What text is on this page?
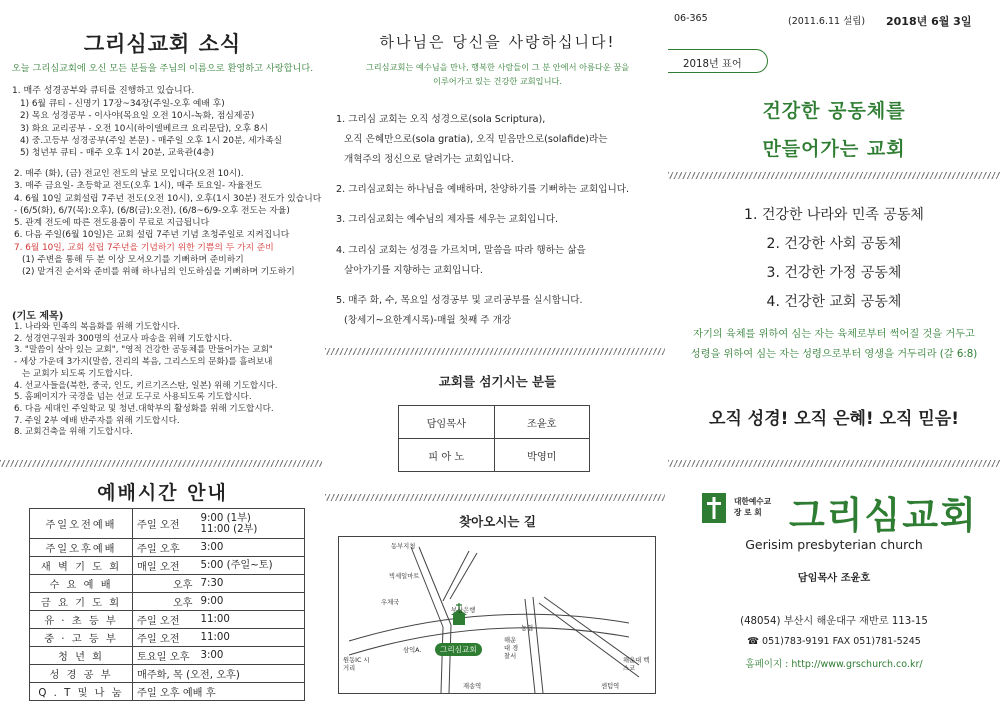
그리심교회 소식
오늘 그리심교회에 오신 모든 분들을 주님의 이름으로 환영하고 사랑합니다.
1. 매주 성경공부와 큐티를 진행하고 있습니다.
1) 6월 큐티 - 신명기 17장~34장(주일-오후 예배 후)
2) 목요 성경공부 - 이사야(목요일 오전 10시-녹화, 점심제공)
3) 화요 교리공부 - 오전 10시(하이델베르크 요리문답), 오후 8시
4) 중.고등부 성경공부(주일 본문) - 매주일 오후 1시 20분, 세가족실
5) 청년부 큐티 - 매주 오후 1시 20분, 교육관(4층)
2. 매주 (화), (금) 전교인 전도의 날로 모입니다(오전 10시).
3. 매주 금요일- 초등학교 전도(오후 1시), 매주 토요일- 자율전도
4. 6월 10일 교회설립 7주년 전도(오전 10시), 오후(1시 30분) 전도가 있습니다
- (6/5(화), 6/7(목):오후), (6/8(금):오전), (6/8~6/9-오후 전도는 자율)
5. 관계 전도에 따른 전도용품이 무료로 지급됩니다
6. 다음 주일(6월 10일)은 교회 설립 7주년 기념 초청주일로 지켜집니다
7. 6월 10일, 교회 설립 7주년을 기념하기 위한 기쁨의 두 가지 준비
(1) 주변을 통해 두 분 이상 모셔오기를 기뻐하며 준비하기
(2) 맡겨진 순서와 준비를 위해 하나님의 인도하심을 기뻐하며 기도하기
(기도 제목)
1. 나라와 민족의 복음화를 위해 기도합시다.
2. 성경연구원과 300명의 선교사 파송을 위해 기도합시다.
3. "말씀이 살아 있는 교회", "영적 건강한 공동체를 만들어가는 교회"
- 세상 가운데 3가지(말씀, 진리의 복음, 그리스도의 문화)를 흘려보내
는 교회가 되도록 기도합시다.
4. 선교사들을(북한, 중국, 인도, 키르기즈스탄, 일본) 위해 기도합시다.
5. 홈페이지가 국경을 넘는 선교 도구로 사용되도록 기도합시다.
6. 다음 세대인 주일학교 및 청년.대학부의 활성화를 위해 기도합시다.
7. 주일 2부 예배 반주자를 위해 기도합시다.
8. 교회건축을 위해 기도합시다.
예배시간 안내
주일오전예배	주일 오전	9:00 (1부)
11:00 (2부)
주일오후예배	주일 오후	3:00
새 벽 기 도 회	매일 오전	5:00 (주일~토)
수 요 예 배	오후	7:30
금 요 기 도 회	오후	9:00
유 · 초 등 부	주일 오전	11:00
중 · 고 등 부	주일 오전	11:00
청 년 회	토요일 오후	3:00
성 경 공 부	매주화, 목 (오전, 오후)	
Q . T 및 나 눔	주일 오후 예배 후	
하나님은 당신을 사랑하십니다!
그리심교회는 예수님을 만나, 행복한 사람들이 그 분 안에서 아름다운 꿈을
이루어가고 있는 건강한 교회입니다.
1. 그리심 교회는 오직 성경으로(sola Scriptura),
오직 은혜만으로(sola gratia), 오직 믿음만으로(solafide)라는
개혁주의 정신으로 달려가는 교회입니다.
2. 그리심교회는 하나님을 예배하며, 찬양하기를 기뻐하는 교회입니다.
3. 그리심교회는 예수님의 제자를 세우는 교회입니다.
4. 그리심 교회는 성경을 가르치며, 말씀을 따라 행하는 삶을
살아가기를 지향하는 교회입니다.
5. 매주 화, 수, 목요일 성경공부 및 교리공부를 실시합니다.
(창세기~요한계시록)-매월 첫째 주 개강
교회를 섬기시는 분들
담임목사	조윤호
피 아 노	박영미
찾아오시는 길
동부지청
빅세일마트
우체국
부산은행
농협
해운대 경찰서
삼익A.
원동IC 시거리
해운대 벡스코
재송역	센텀역
그리심교회
06-365	(2011.6.11 설립) 2018년 6월 3일
2018년 표어
건강한 공동체를
만들어가는 교회
1. 건강한 나라와 민족 공동체
2. 건강한 사회 공동체
3. 건강한 가정 공동체
4. 건강한 교회 공동체
자기의 육체를 위하여 심는 자는 육체로부터 썩어질 것을 거두고
성령을 위하여 심는 자는 성령으로부터 영생을 거두리라 (갈 6:8)
오직 성경! 오직 은혜! 오직 믿음!
대한예수교
장 로 회 그리심교회
Gerisim presbyterian church
담임목사 조윤호
(48054) 부산시 해운대구 재반로 113-15
☎ 051)783-9191 FAX 051)781-5245
홈페이지 : http://www.grschurch.co.kr/
